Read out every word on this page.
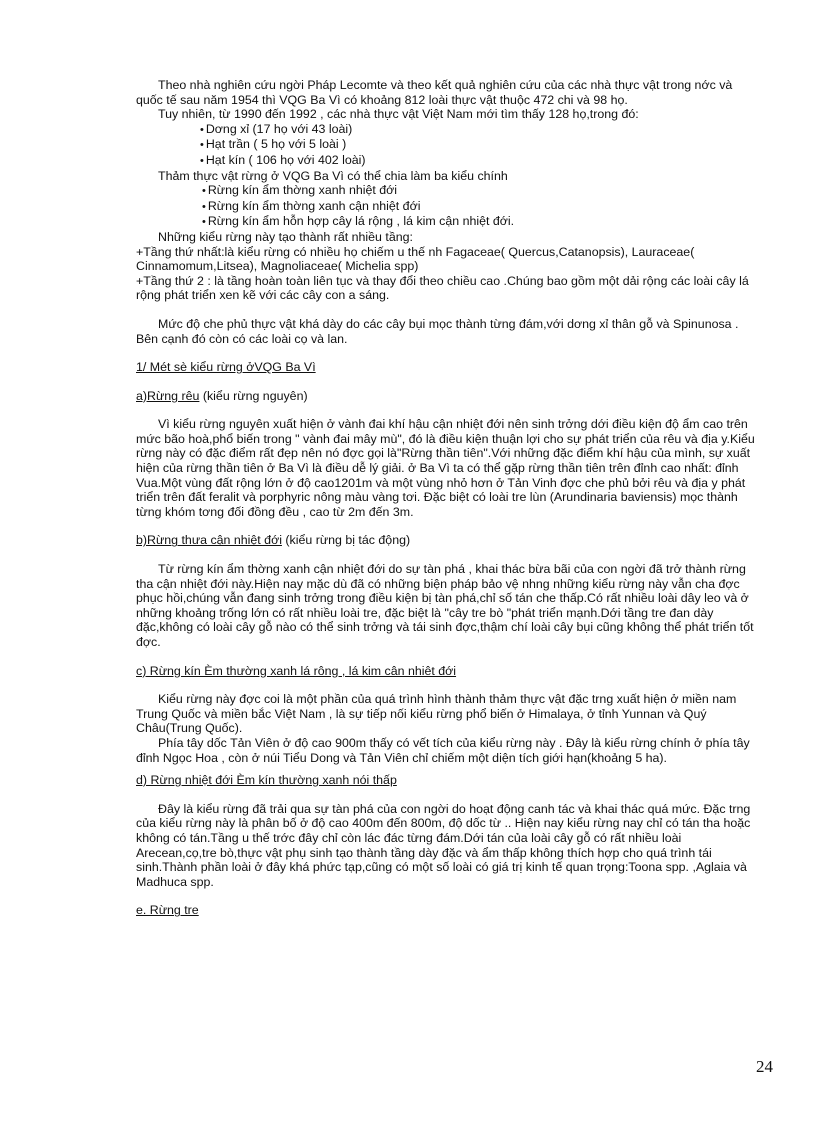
Theo nhà nghiên cứu ngời Pháp Lecomte và theo kết quả nghiên cứu của các nhà thực vật trong nớc và quốc tế sau năm 1954 thì VQG Ba Vì có khoảng 812 loài thực vật thuộc 472 chi và 98 họ.

Tuy nhiên, từ 1990 đến 1992 , các nhà thực vật Việt Nam mới tìm thấy 128 họ,trong đó:

• Dơng xỉ (17 họ với 43 loài)

• Hạt trần ( 5 họ với 5 loài )

• Hạt kín ( 106 họ với 402 loài)

Thảm thực vật rừng ở VQG Ba Vì có thể chia làm ba kiểu chính

• Rừng kín ẩm thờng xanh nhiệt đới

• Rừng kín ẩm thờng xanh cận nhiệt đới

• Rừng kín ẩm hỗn hợp cây lá rộng , lá kim cận nhiệt đới.

Những kiểu rừng này tạo thành rất nhiều tầng:

+Tầng thứ nhất:là kiểu rừng có nhiều họ chiếm u thế nh Fagaceae( Quercus,Catanopsis), Lauraceae( Cinnamomum,Litsea), Magnoliaceae( Michelia spp)

+Tầng thứ 2 : là tầng hoàn toàn liên tục và thay đổi theo chiều cao .Chúng bao gồm một dải rộng các loài cây lá rộng phát triển xen kẽ với các cây con a sáng.

Mức độ che phủ thực vật khá dày do các cây bụi mọc thành từng đám,với dơng xỉ thân gỗ và Spinunosa . Bên cạnh đó còn có các loài cọ và lan.

1/ Mét sè kiểu rừng ởVQG Ba Vì

a)Rừng rêu (kiểu rừng nguyên)

Vì kiểu rừng nguyên xuất hiện ở vành đai khí hậu cận nhiệt đới nên sinh trởng dới điều kiện độ ẩm cao trên mức bão hoà,phổ biến trong " vành đai mây mù", đó là điều kiện thuận lợi cho sự phát triển của rêu và địa y.Kiểu rừng này có đặc điểm rất đẹp nên nó đợc gọi là"Rừng thần tiên".Với những đặc điểm khí hậu của mình, sự xuất hiện của rừng thần tiên ở Ba Vì là điều dễ lý giải. ở Ba Vì ta có thể gặp rừng thần tiên trên đỉnh cao nhất: đỉnh Vua.Một vùng đất rộng lớn ở độ cao1201m và một vùng nhỏ hơn ở Tản Vinh đợc che phủ bởi rêu và địa y phát triển trên đất feralit và porphyric nông màu vàng tơi. Đặc biệt có loài tre lùn (Arundinaria baviensis) mọc thành từng khóm tơng đối đồng đều , cao từ 2m đến 3m.

b)Rừng thưa cận nhiệt đới (kiểu rừng bị tác động)

Từ rừng kín ẩm thờng xanh cận nhiệt đới do sự tàn phá , khai thác bừa bãi của con ngời đã trở thành rừng tha cận nhiệt đới này.Hiện nay mặc dù đã có những biện pháp bảo vệ nhng những kiểu rừng này vẫn cha đợc phục hồi,chúng vẫn đang sinh trởng trong điều kiện bị tàn phá,chỉ số tán che thấp.Có rất nhiều loài dây leo và ở những khoảng trống lớn có rất nhiều loài tre, đặc biệt là "cây tre bò "phát triển mạnh.Dới tầng tre đan dày đặc,không có loài cây gỗ nào có thể sinh trởng và tái sinh đợc,thậm chí loài cây bụi cũng không thể phát triển tốt đợc.

c) Rừng kín Èm thường xanh lá rông , lá kim cân nhiêt đới

Kiểu rừng này đợc coi là một phần của quá trình hình thành thảm thực vật đặc trng xuất hiện ở miền nam Trung Quốc và miền bắc Việt Nam , là sự tiếp nối kiểu rừng phổ biến ở Himalaya, ở tỉnh Yunnan và Quý Châu(Trung Quốc).

Phía tây dốc Tản Viên ở độ cao 900m thấy có vết tích của kiểu rừng này . Đây là kiểu rừng chính ở phía tây đỉnh Ngọc Hoa , còn ở núi Tiểu Dong và Tản Viên chỉ chiếm một diện tích giới hạn(khoảng 5 ha).

d) Rừng nhiệt đới Èm kín thường xanh nói thấp

Đây là kiểu rừng đã trải qua sự tàn phá của con ngời do hoạt động canh tác và khai thác quá mức. Đặc trng của kiểu rừng này là phân bố ở độ cao 400m đến 800m, độ dốc từ .. Hiện nay kiểu rừng nay chỉ có tán tha hoặc không có tán.Tầng u thế trớc đây chỉ còn lác đác từng đám.Dới tán của loài cây gỗ có rất nhiều loài Arecean,cọ,tre bò,thực vật phụ sinh tạo thành tầng dày đặc và ẩm thấp không thích hợp cho quá trình tái sinh.Thành phần loài ở đây khá phức tạp,cũng có một số loài có giá trị kinh tế quan trọng:Toona spp. ,Aglaia và Madhuca spp.

e. Rừng tre

24
